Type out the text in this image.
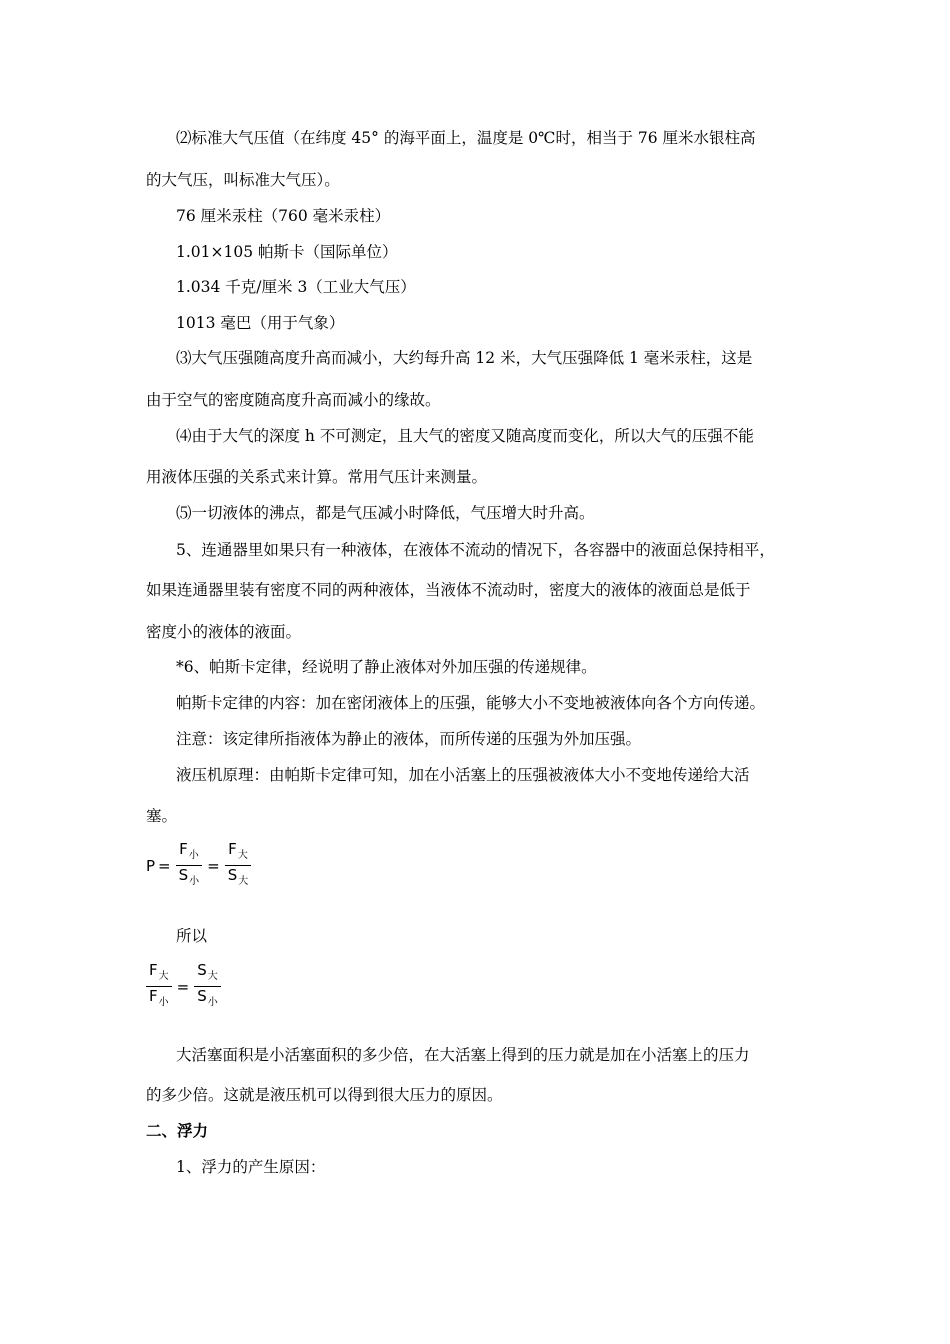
⑵标准大气压值（在纬度 45° 的海平面上，温度是 0℃时，相当于 76 厘米水银柱高

的大气压，叫标准大气压）。

76 厘米汞柱（760 毫米汞柱）

1.01×105 帕斯卡（国际单位）

1.034 千克/厘米 3（工业大气压）

1013 毫巴（用于气象）

⑶大气压强随高度升高而减小，大约每升高 12 米，大气压强降低 1 毫米汞柱，这是

由于空气的密度随高度升高而减小的缘故。

⑷由于大气的深度 h 不可测定，且大气的密度又随高度而变化，所以大气的压强不能

用液体压强的关系式来计算。常用气压计来测量。

⑸一切液体的沸点，都是气压减小时降低，气压增大时升高。

5、连通器里如果只有一种液体，在液体不流动的情况下，各容器中的液面总保持相平，

如果连通器里装有密度不同的两种液体，当液体不流动时，密度大的液体的液面总是低于

密度小的液体的液面。

*6、帕斯卡定律，经说明了静止液体对外加压强的传递规律。

帕斯卡定律的内容：加在密闭液体上的压强，能够大小不变地被液体向各个方向传递。

注意：该定律所指液体为静止的液体，而所传递的压强为外加压强。

液压机原理：由帕斯卡定律可知，加在小活塞上的压强被液体大小不变地传递给大活

塞。

$P = \frac{F_小}{S_小} = \frac{F_大}{S_大}$

所以

$\frac{F_大}{F_小} = \frac{S_大}{S_小}$

大活塞面积是小活塞面积的多少倍，在大活塞上得到的压力就是加在小活塞上的压力

的多少倍。这就是液压机可以得到很大压力的原因。

二、浮力

1、浮力的产生原因：
